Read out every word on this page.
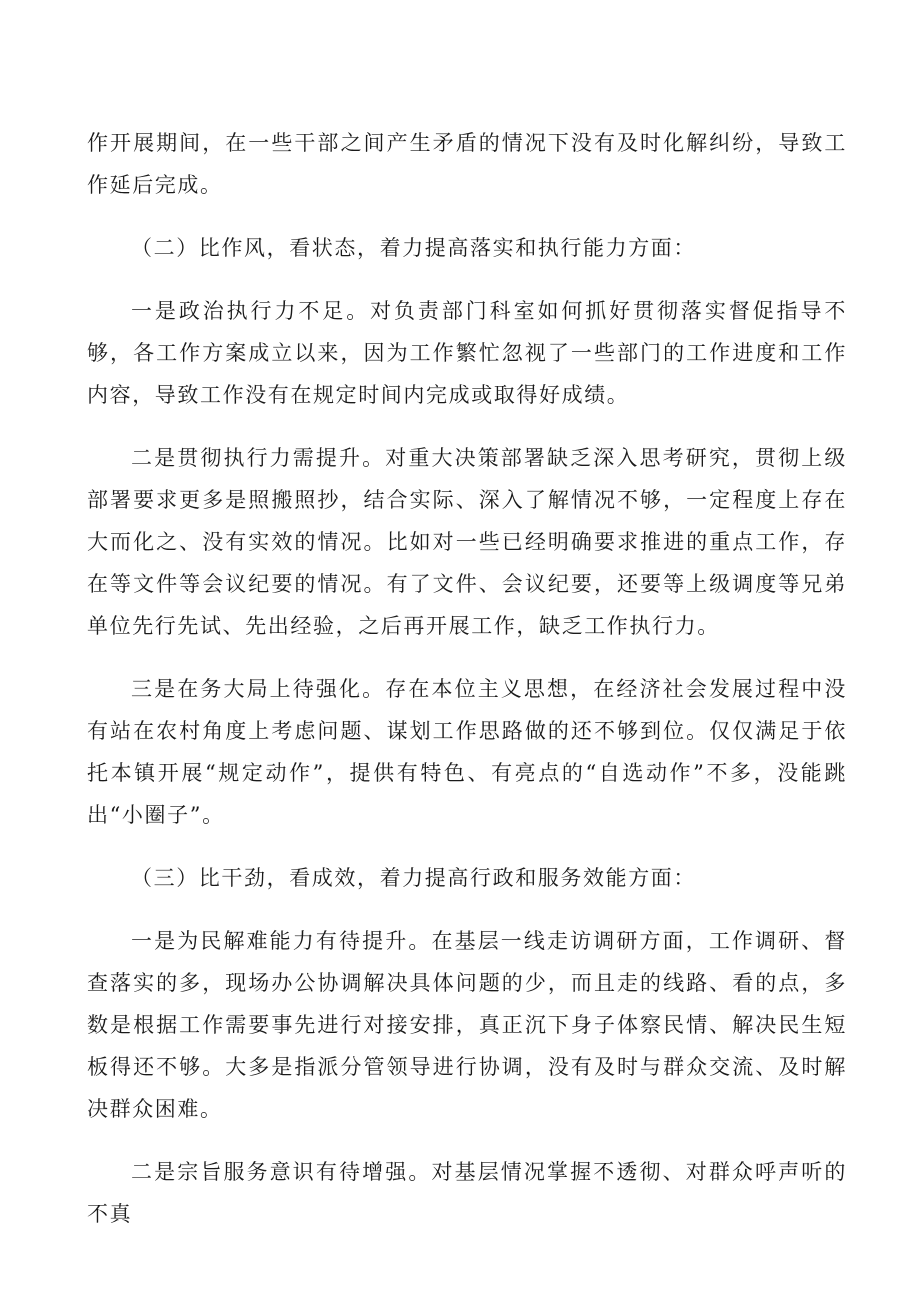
作开展期间，在一些干部之间产生矛盾的情况下没有及时化解纠纷，导致工作延后完成。

（二）比作风，看状态，着力提高落实和执行能力方面：

一是政治执行力不足。对负责部门科室如何抓好贯彻落实督促指导不够，各工作方案成立以来，因为工作繁忙忽视了一些部门的工作进度和工作内容，导致工作没有在规定时间内完成或取得好成绩。

二是贯彻执行力需提升。对重大决策部署缺乏深入思考研究，贯彻上级部署要求更多是照搬照抄，结合实际、深入了解情况不够，一定程度上存在大而化之、没有实效的情况。比如对一些已经明确要求推进的重点工作，存在等文件等会议纪要的情况。有了文件、会议纪要，还要等上级调度等兄弟单位先行先试、先出经验，之后再开展工作，缺乏工作执行力。

三是在务大局上待强化。存在本位主义思想，在经济社会发展过程中没有站在农村角度上考虑问题、谋划工作思路做的还不够到位。仅仅满足于依托本镇开展“规定动作”，提供有特色、有亮点的“自选动作”不多，没能跳出“小圈子”。

（三）比干劲，看成效，着力提高行政和服务效能方面：

一是为民解难能力有待提升。在基层一线走访调研方面，工作调研、督查落实的多，现场办公协调解决具体问题的少，而且走的线路、看的点，多数是根据工作需要事先进行对接安排，真正沉下身子体察民情、解决民生短板得还不够。大多是指派分管领导进行协调，没有及时与群众交流、及时解决群众困难。

二是宗旨服务意识有待增强。对基层情况掌握不透彻、对群众呼声听的不真
